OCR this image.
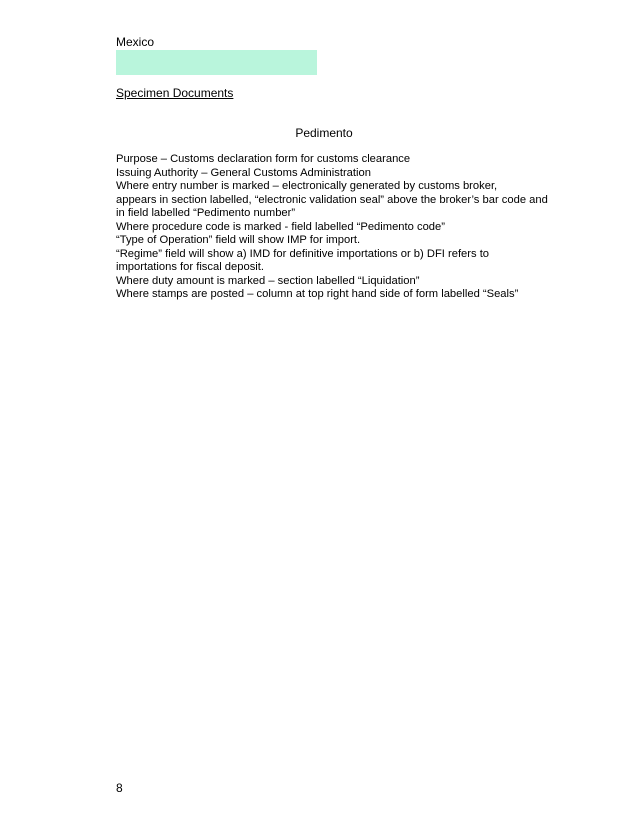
Mexico
Specimen Documents
Pedimento
Purpose – Customs declaration form for customs clearance
Issuing Authority – General Customs Administration
Where entry number is marked – electronically generated by customs broker,
appears in section labelled, “electronic validation seal” above the broker’s bar code and
in field labelled “Pedimento number”
Where procedure code is marked - field labelled “Pedimento code”
“Type of Operation” field will show IMP for import.
“Regime” field will show a) IMD for definitive importations or b) DFI refers to
importations for fiscal deposit.
Where duty amount is marked – section labelled “Liquidation”
Where stamps are posted – column at top right hand side of form labelled “Seals”
8
